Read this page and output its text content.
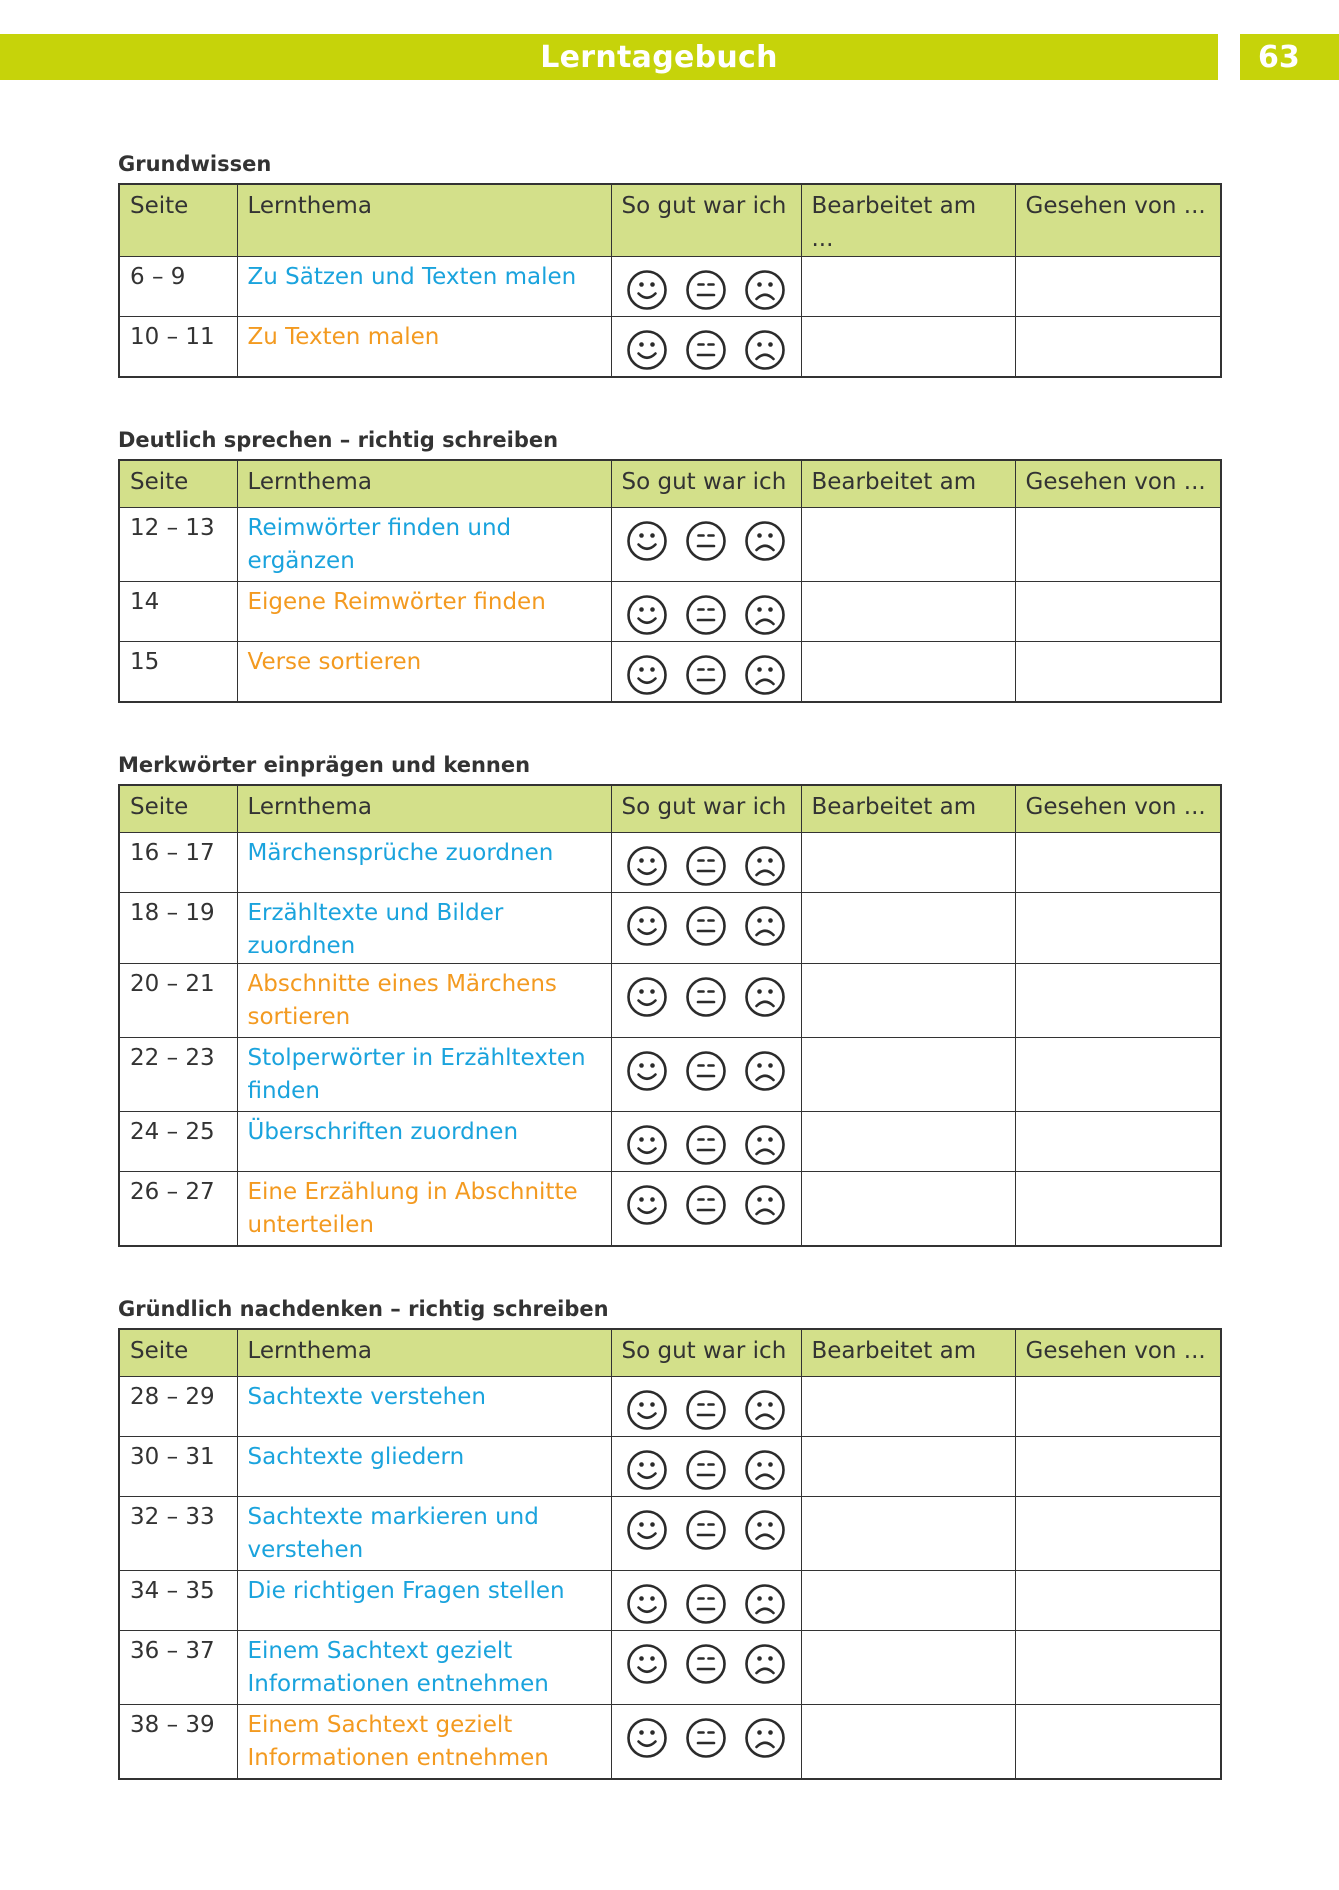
Lerntagebuch	63
Grundwissen
Seite	Lernthema	So gut war ich	Bearbeitet am ...	Gesehen von ...
6 – 9	Zu Sätzen und Texten malen	

10 – 11	Zu Texten malen	

Deutlich sprechen – richtig schreiben
Seite	Lernthema	So gut war ich	Bearbeitet am	Gesehen von ...
12 – 13	Reimwörter finden und ergänzen	

14	Eigene Reimwörter finden	

15	Verse sortieren	

Merkwörter einprägen und kennen
Seite	Lernthema	So gut war ich	Bearbeitet am	Gesehen von ...
16 – 17	Märchensprüche zuordnen	

18 – 19	Erzähltexte und Bilder zuordnen	

20 – 21	Abschnitte eines Märchens sortieren	

22 – 23	Stolperwörter in Erzähltexten finden	

24 – 25	Überschriften zuordnen	

26 – 27	Eine Erzählung in Abschnitte unterteilen	

Gründlich nachdenken – richtig schreiben
Seite	Lernthema	So gut war ich	Bearbeitet am	Gesehen von ...
28 – 29	Sachtexte verstehen	

30 – 31	Sachtexte gliedern	

32 – 33	Sachtexte markieren und verstehen	

34 – 35	Die richtigen Fragen stellen	

36 – 37	Einem Sachtext gezielt Informationen entnehmen	

38 – 39	Einem Sachtext gezielt Informationen entnehmen	
